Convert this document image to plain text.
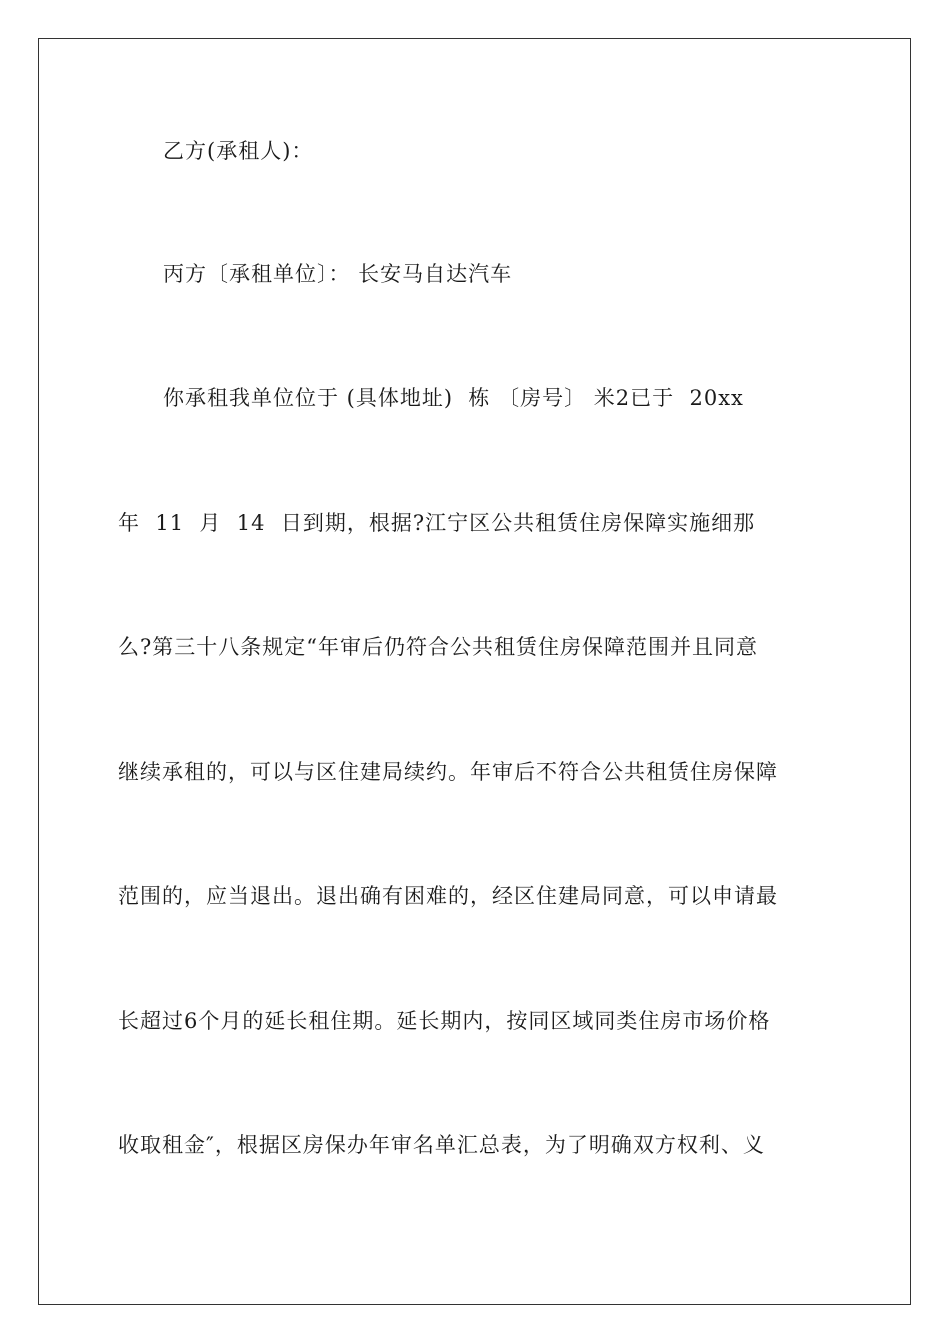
乙方(承租人)：
丙方〔承租单位〕： 长安马自达汽车
你承租我单位位于 (具体地址)  栋 〔房号〕 米2已于  20xx
年  11  月  14  日到期，根据?江宁区公共租赁住房保障实施细那
么?第三十八条规定“年审后仍符合公共租赁住房保障范围并且同意
继续承租的，可以与区住建局续约。年审后不符合公共租赁住房保障
范围的，应当退出。退出确有困难的，经区住建局同意，可以申请最
长超过6个月的延长租住期。延长期内，按同区域同类住房市场价格
收取租金″，根据区房保办年审名单汇总表，为了明确双方权利、义
